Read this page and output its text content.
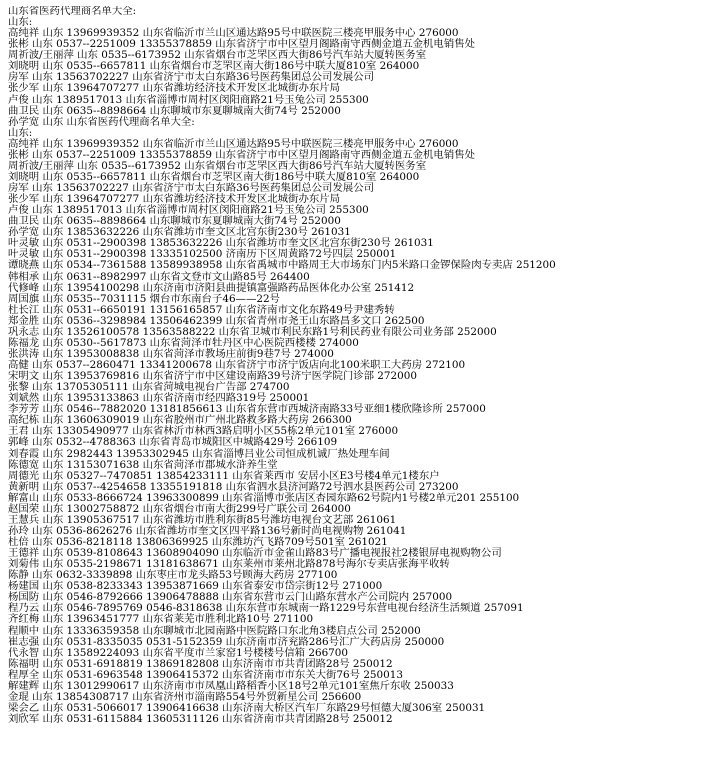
山东省医药代理商名单大全:
山东:
高纯祥 山东 13969939352 山东省临沂市兰山区通达路95号中联医院三楼亮甲服务中心 276000
张彬 山东 0537--2251009 13355378859 山东省济宁市中区望月阁路南守西侧金道五金机电销售处
周祈波/王丽萍 山东 0535--6173952 山东省烟台市芝罘区西大街86号汽车站大厦转医务室
刘晓明 山东 0535--6657811 山东省烟台市芝罘区南大街186号中联大厦810室 264000
房军 山东 13563702227 山东省济宁市太白东路36号医药集团总公司发展公司
张少军 山东 13964707277 山东省潍坊经济技术开发区北城街办东片局
卢俊 山东 1389517013 山东省淄博市周村区闵阳商路21号玉兔公司 255300
曲卫民 山东 0635--8898664 山东聊城市东夏聊城南大街74号 252000
孙学宽 山东 山东省医药代理商名单大全:
山东:
高纯祥 山东 13969939352 山东省临沂市兰山区通达路95号中联医院三楼亮甲服务中心 276000
张彬 山东 0537--2251009 13355378859 山东省济宁市中区望月阁路南守西侧金道五金机电销售处
周祈波/王丽萍 山东 0535--6173952 山东省烟台市芝罘区西大街86号汽车站大厦转医务室
刘晓明 山东 0535--6657811 山东省烟台市芝罘区南大街186号中联大厦810室 264000
房军 山东 13563702227 山东省济宁市太白东路36号医药集团总公司发展公司
张少军 山东 13964707277 山东省潍坊经济技术开发区北城街办东片局
卢俊 山东 1389517013 山东省淄博市周村区闵阳商路21号玉兔公司 255300
曲卫民 山东 0635--8898664 山东聊城市东夏聊城南大街74号 252000
孙学宽 山东 13853632226 山东省潍坊市奎文区北宫东街230号 261031
叶灵敏 山东 0531--2900398 13853632226 山东省潍坊市奎文区北宫东街230号 261031
叶灵敏 山东 0531--2900398 13335102500 济南历下区周黄路72号四层 250001
谭晓燕 山东 0534--7361588 13589938958 山东省禹城市中路周王大市场东门内5米路口金锣保险肉专卖店 251200
韩相承 山东 0631--8982997 山东省文登市文山路85号 264400
代修峰 山东 13954100298 山东济南市济阳县曲提镇富强路药品医体化办公室 251412
周国旗 山东 0535--7031115 烟台市东南台子46——22号
杜长江 山东 0531--6650191 13156165857 山东省济南市文化东路49号尹建秀转
郑金胜 山东 0536--3298984 13506462399 山东省青州市尧王山东路昌多文口 262500
巩永志 山东 13526100578 13563588222 山东省卫城市利民东路1号利民药业有限公司业务部 252000
陈福龙 山东 0530--5617873 山东省菏泽市牡丹区中心医院西楼楼 274000
张洪涛 山东 13953008838 山东省菏泽市教场庄前街9巷7号 274000
高健 山东 0537--2860471 13341200678 山东省济宁市济宁饭店向北100米职工大药房 272100
宋明文 山东 13953769816 山东省济宁市中区建设南路39号济宁医学院门诊部 272000
张黎 山东 13705305111 山东省菏城电视台广告部 274700
刘斌然 山东 13953133863 山东省济南市经四路319号 250001
李芳芳 山东 0546--7882020 13181856613 山东省东营市西城济南路33号亚细1楼欣隆诊所 257000
高纪栋 山东 13606309019 山东省胶州市广州北路救多路大药房 266300
王君 山东 13305490977 山东省林沂市林西3路启明小区55栋2单元101室 276000
郭峰 山东 0532--4788363 山东省青岛市城阳区中城路429号 266109
刘春霞 山东 2982443 13953302945 山东省淄博吕业公司恒成机诚厂热处理车间
陈德宽 山东 13153071638 山东省菏泽市郡城水浒养生堂
周德光 山东 05327--7470851 13854233111 山东省莱西市 安居小区E3号楼4单元1楼东户
黄新明 山东 0537--4254658 13355191818 山东省泗水县济河路72号泗水县医药公司 273200
解富山 山东 0533-8666724 13963300899 山东省淄博市张店区杏园东路62号院内1号楼2单元201 255100
赵国荣 山东 13002758872 山东省烟台市南大街299号广联公司 264000
王慧兵 山东 13905367517 山东省潍坊市胜利东街85号潍坊电视台文艺部 261061
孙玲 山东 0536-8626276 山东省潍坊市奎文区四平路136号新时尚电视购物 261041
杜倍 山东 0536-8218118 13806369925 山东潍坊汽飞路709号501室 261021
王德祥 山东 0539-8108643 13608904090 山东临沂市金雀山路83号广播电视报社2楼银屏电视购物公司
刘菊伟 山东 0535-2198671 13181638671 山东莱州市莱州北路878号海尔专卖店张海平收转
陈静 山东 0632-3339898 山东枣庄市龙头路53号顾海大药房 277100
杨建国 山东 0538-8233343 13953871669 山东省泰安市岱宗街12号 271000
杨国防 山东 0546-8792666 13906478888 山东省东营市云门山路东营水产公司院内 257000
程乃云 山东 0546-7895769 0546-8318638 山东东营市东城南一路1229号东营电视台经济生活频道 257091
齐红梅 山东 13963451777 山东省莱芜市胜利北路10号 271100
程顺中 山东 13336359358 山东聊城市北园南路中医院路口东北角3楼启点公司 252000
崔志强 山东 0531-8335035 0531-5152359 山东济南市济兖路286号汇广大药店房 250000
代永智 山东 13589224093 山东省平度市兰家窑1号楼楼号信箱 266700
陈福明 山东 0531-6918819 13869182808 山东济南市市共青团路28号 250012
程厚全 山东 0531-6963548 13906415372 山东省济南市市东关大街76号 250013
解建辉 山东 13012990617 山东济南市市凤凰山路稻香小区18号2单元101室焦斤东收 250033
金琨 山东 13854308717 山东省济州市淄南路554号外贸新星公司 256600
梁会乙 山东 0531-5066017 13906416638 山东济南大桥区汽车厂东路29号恒德大厦306室 250031
刘欣军 山东 0531-6115884 13605311126 山东省济南市共青团路28号 250012
